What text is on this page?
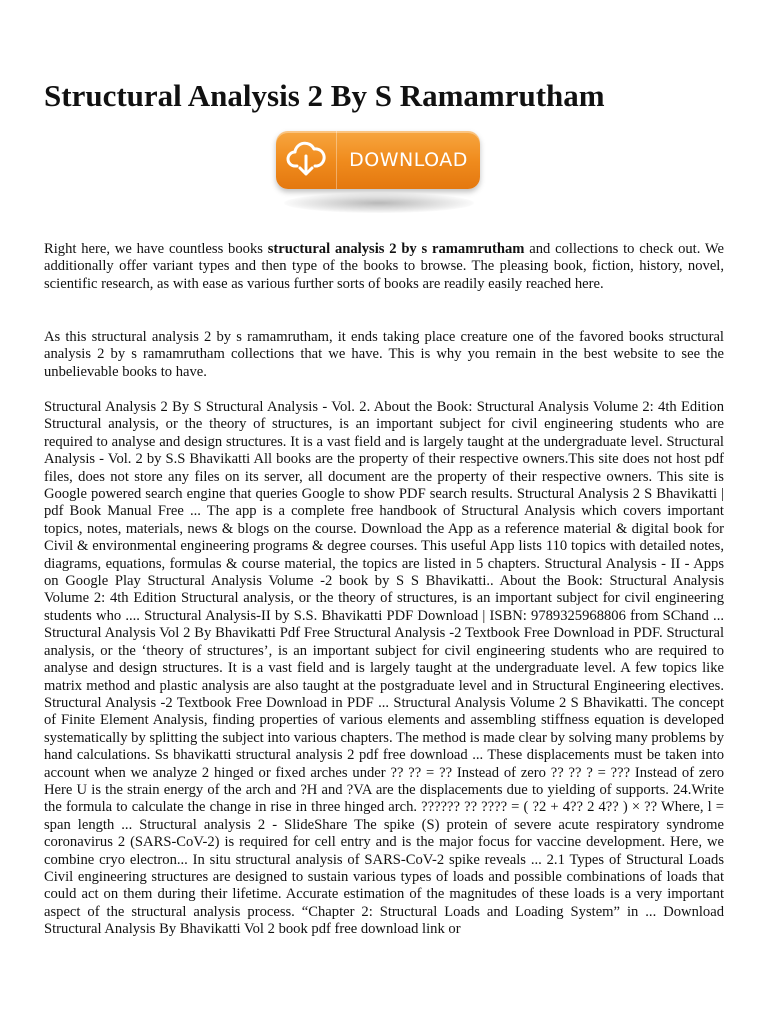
Structural Analysis 2 By S Ramamrutham
DOWNLOAD

Right here, we have countless books structural analysis 2 by s ramamrutham and collections to check out. We additionally offer variant types and then type of the books to browse. The pleasing book, fiction, history, novel, scientific research, as with ease as various further sorts of books are readily easily reached here.

As this structural analysis 2 by s ramamrutham, it ends taking place creature one of the favored books structural analysis 2 by s ramamrutham collections that we have. This is why you remain in the best website to see the unbelievable books to have.

Structural Analysis 2 By S Structural Analysis - Vol. 2. About the Book: Structural Analysis Volume 2: 4th Edition Structural analysis, or the theory of structures, is an important subject for civil engineering students who are required to analyse and design structures. It is a vast field and is largely taught at the undergraduate level. Structural Analysis - Vol. 2 by S.S Bhavikatti All books are the property of their respective owners.This site does not host pdf files, does not store any files on its server, all document are the property of their respective owners. This site is Google powered search engine that queries Google to show PDF search results. Structural Analysis 2 S Bhavikatti | pdf Book Manual Free ... The app is a complete free handbook of Structural Analysis which covers important topics, notes, materials, news & blogs on the course. Download the App as a reference material & digital book for Civil & environmental engineering programs & degree courses. This useful App lists 110 topics with detailed notes, diagrams, equations, formulas & course material, the topics are listed in 5 chapters. Structural Analysis - II - Apps on Google Play Structural Analysis Volume -2 book by S S Bhavikatti.. About the Book: Structural Analysis Volume 2: 4th Edition Structural analysis, or the theory of structures, is an important subject for civil engineering students who .... Structural Analysis-II by S.S. Bhavikatti PDF Download | ISBN: 9789325968806 from SChand ... Structural Analysis Vol 2 By Bhavikatti Pdf Free Structural Analysis -2 Textbook Free Download in PDF. Structural analysis, or the ‘theory of structures’, is an important subject for civil engineering students who are required to analyse and design structures. It is a vast field and is largely taught at the undergraduate level. A few topics like matrix method and plastic analysis are also taught at the postgraduate level and in Structural Engineering electives. Structural Analysis -2 Textbook Free Download in PDF ... Structural Analysis Volume 2 S Bhavikatti. The concept of Finite Element Analysis, finding properties of various elements and assembling stiffness equation is developed systematically by splitting the subject into various chapters. The method is made clear by solving many problems by hand calculations. Ss bhavikatti structural analysis 2 pdf free download ... These displacements must be taken into account when we analyze 2 hinged or fixed arches under ?? ?? = ?? Instead of zero ?? ?? ? = ??? Instead of zero Here U is the strain energy of the arch and ?H and ?VA are the displacements due to yielding of supports. 24.Write the formula to calculate the change in rise in three hinged arch. ?????? ?? ???? = ( ?2 + 4?? 2 4?? ) × ?? Where, l = span length ... Structural analysis 2 - SlideShare The spike (S) protein of severe acute respiratory syndrome coronavirus 2 (SARS-CoV-2) is required for cell entry and is the major focus for vaccine development. Here, we combine cryo electron... In situ structural analysis of SARS-CoV-2 spike reveals ... 2.1 Types of Structural Loads Civil engineering structures are designed to sustain various types of loads and possible combinations of loads that could act on them during their lifetime. Accurate estimation of the magnitudes of these loads is a very important aspect of the structural analysis process. “Chapter 2: Structural Loads and Loading System” in ... Download Structural Analysis By Bhavikatti Vol 2 book pdf free download link or
